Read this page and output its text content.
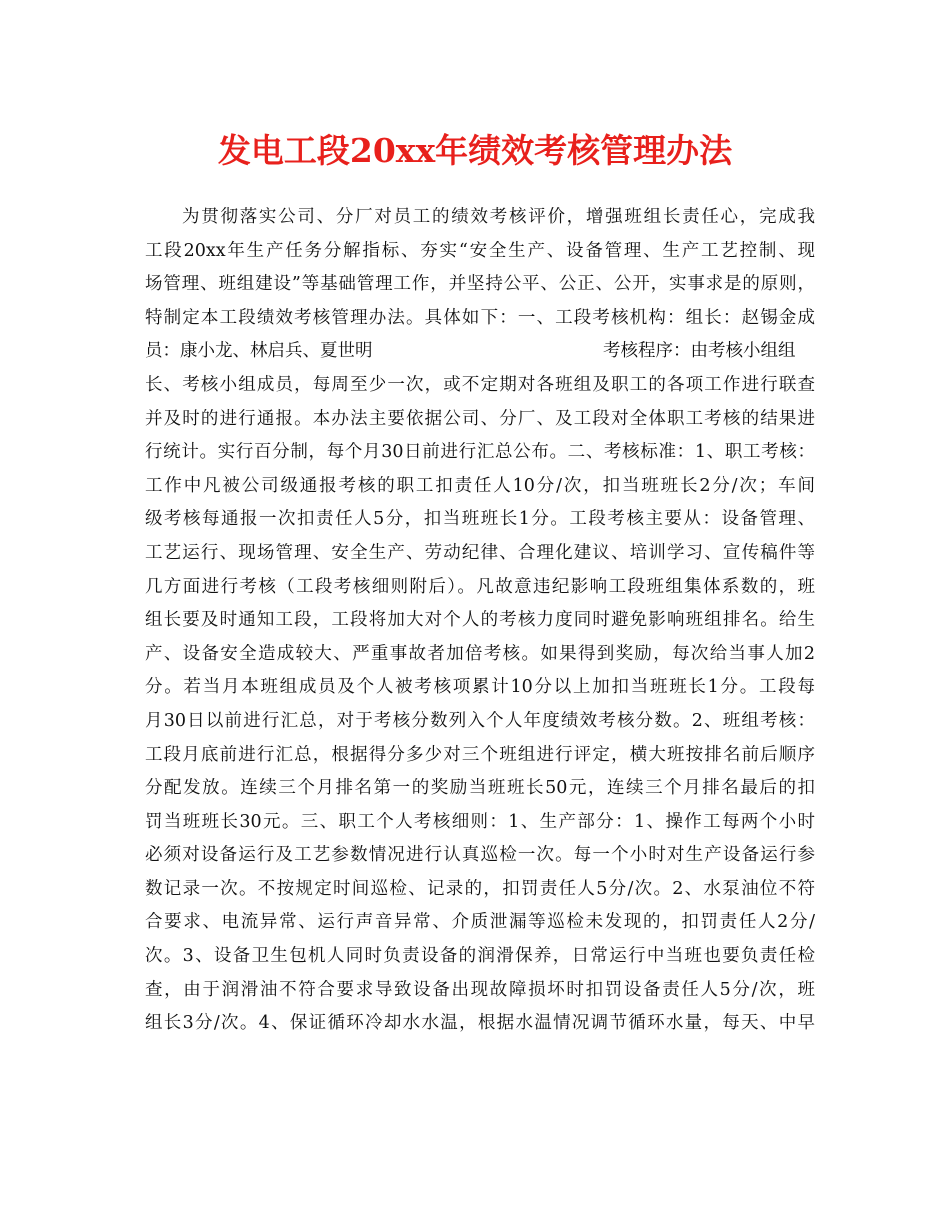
发电工段20xx年绩效考核管理办法
为贯彻落实公司、分厂对员工的绩效考核评价，增强班组长责任心，完成我
工段20xx年生产任务分解指标、夯实“安全生产、设备管理、生产工艺控制、现
场管理、班组建设”等基础管理工作，并坚持公平、公正、公开，实事求是的原则，
特制定本工段绩效考核管理办法。具体如下：一、工段考核机构：组长：赵锡金成
员：康小龙、林启兵、夏世明	考核程序：由考核小组组
长、考核小组成员，每周至少一次，或不定期对各班组及职工的各项工作进行联查
并及时的进行通报。本办法主要依据公司、分厂、及工段对全体职工考核的结果进
行统计。实行百分制，每个月30日前进行汇总公布。二、考核标准：1、职工考核：
工作中凡被公司级通报考核的职工扣责任人10分/次，扣当班班长2分/次；车间
级考核每通报一次扣责任人5分，扣当班班长1分。工段考核主要从：设备管理、
工艺运行、现场管理、安全生产、劳动纪律、合理化建议、培训学习、宣传稿件等
几方面进行考核（工段考核细则附后）。凡故意违纪影响工段班组集体系数的，班
组长要及时通知工段，工段将加大对个人的考核力度同时避免影响班组排名。给生
产、设备安全造成较大、严重事故者加倍考核。如果得到奖励，每次给当事人加2
分。若当月本班组成员及个人被考核项累计10分以上加扣当班班长1分。工段每
月30日以前进行汇总，对于考核分数列入个人年度绩效考核分数。2、班组考核：
工段月底前进行汇总，根据得分多少对三个班组进行评定，横大班按排名前后顺序
分配发放。连续三个月排名第一的奖励当班班长50元，连续三个月排名最后的扣
罚当班班长30元。三、职工个人考核细则：1、生产部分：1、操作工每两个小时
必须对设备运行及工艺参数情况进行认真巡检一次。每一个小时对生产设备运行参
数记录一次。不按规定时间巡检、记录的，扣罚责任人5分/次。2、水泵油位不符
合要求、电流异常、运行声音异常、介质泄漏等巡检未发现的，扣罚责任人2分/
次。3、设备卫生包机人同时负责设备的润滑保养，日常运行中当班也要负责任检
查，由于润滑油不符合要求导致设备出现故障损坏时扣罚设备责任人5分/次，班
组长3分/次。4、保证循环冷却水水温，根据水温情况调节循环水量，每天、中早
